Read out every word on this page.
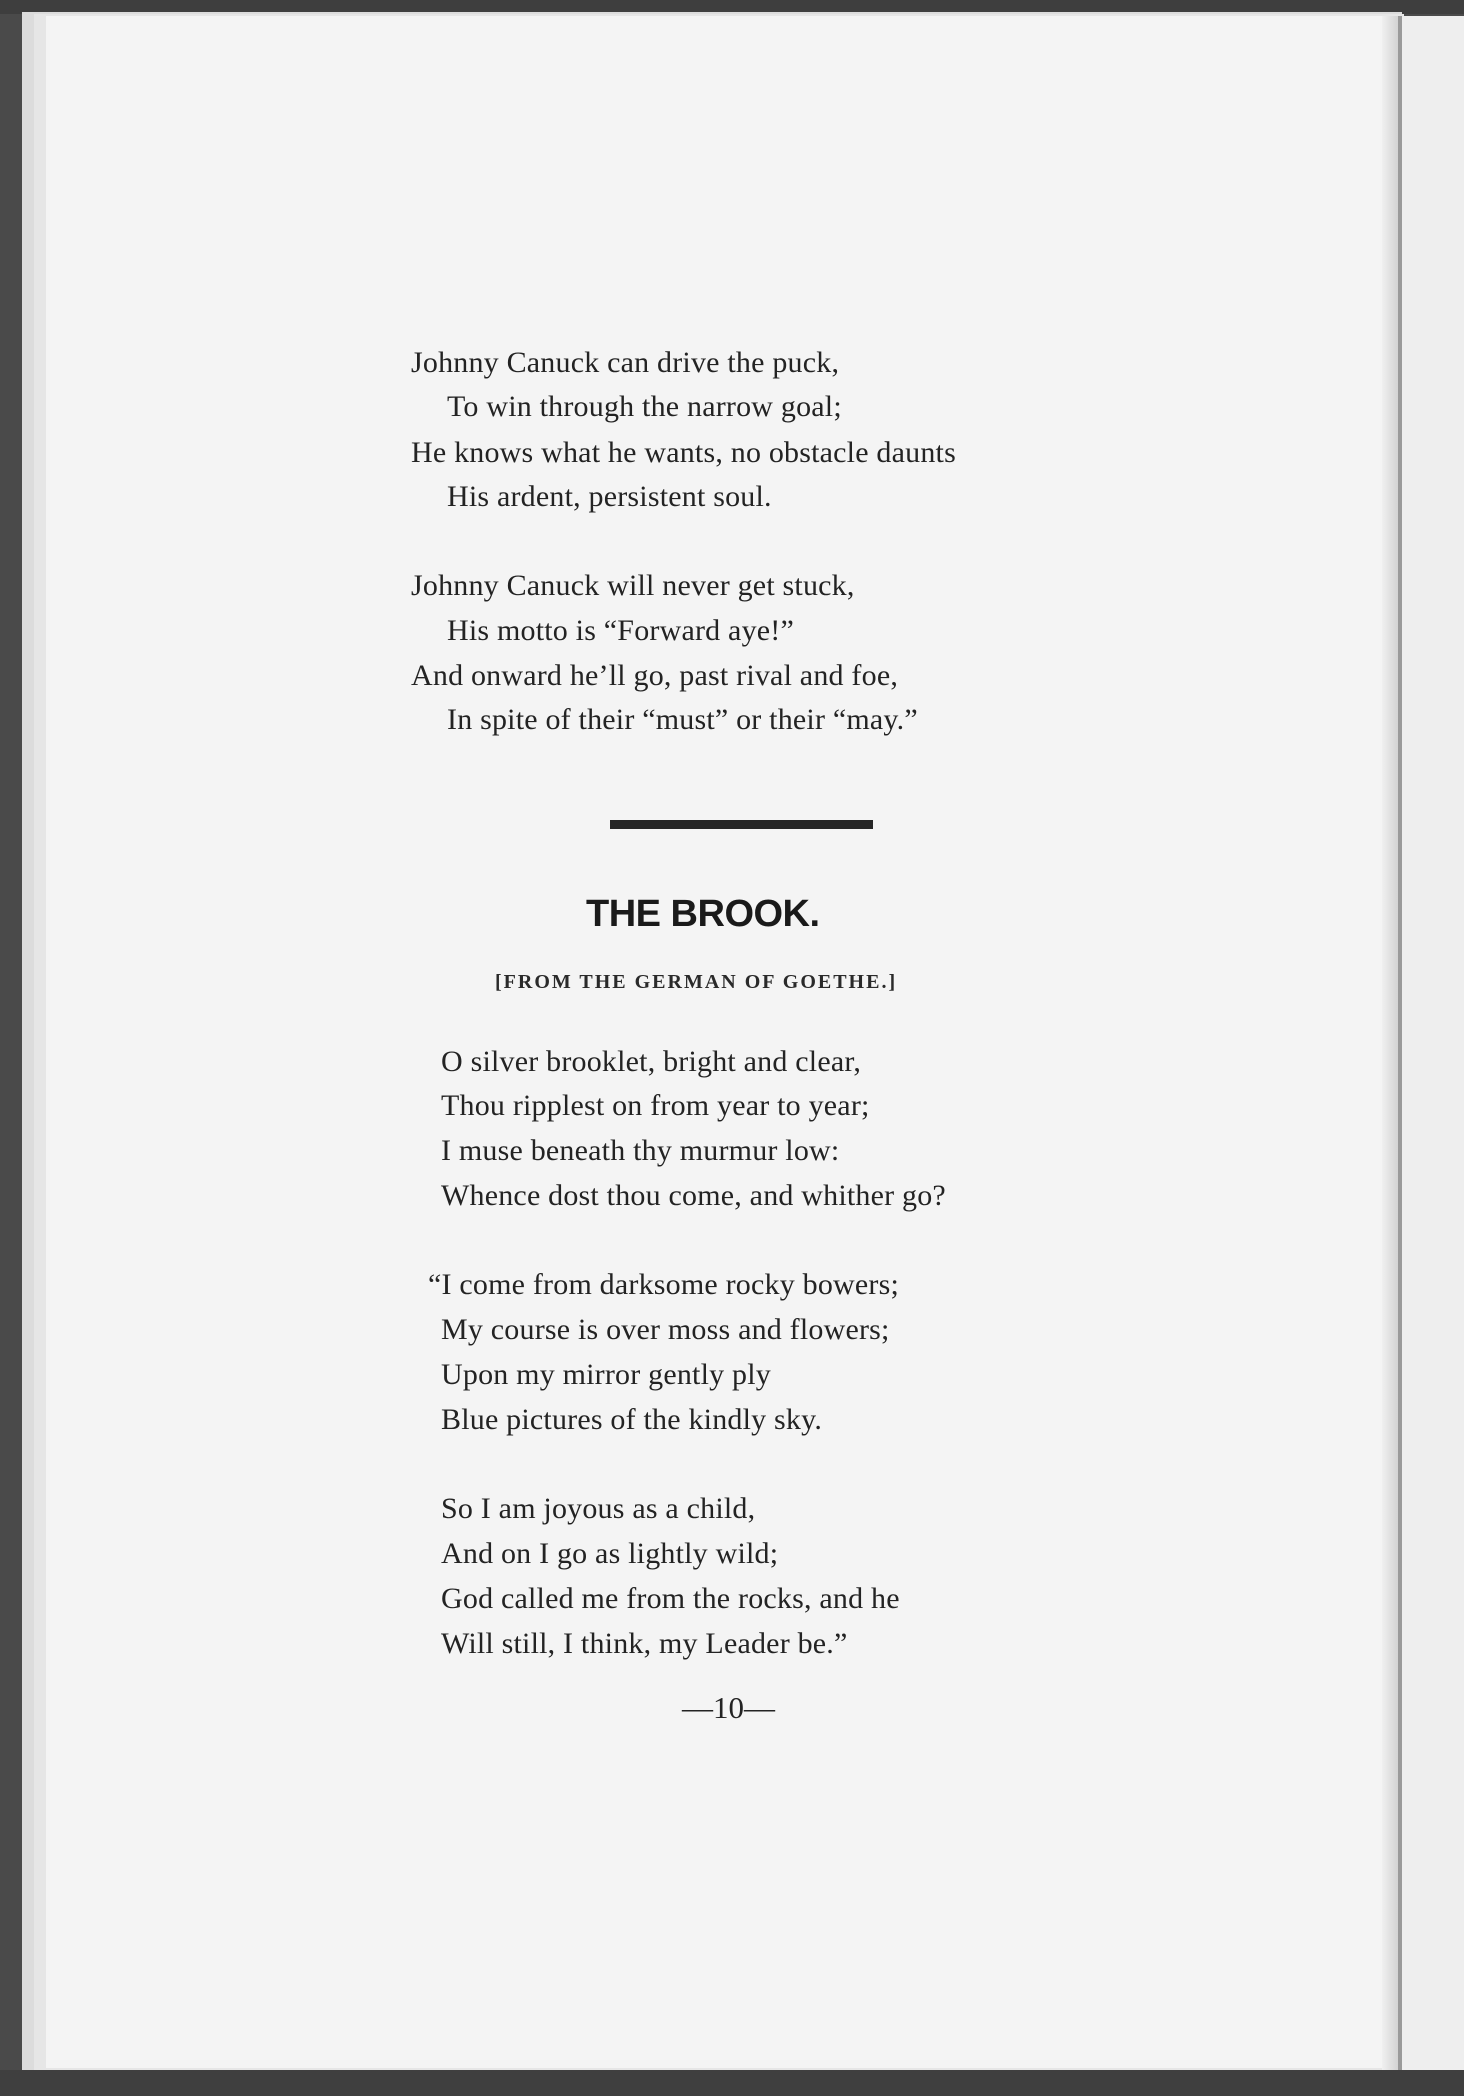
Johnny Canuck can drive the puck,
To win through the narrow goal;
He knows what he wants, no obstacle daunts
His ardent, persistent soul.
Johnny Canuck will never get stuck,
His motto is “Forward aye!”
And onward he’ll go, past rival and foe,
In spite of their “must” or their “may.”
THE BROOK.
[FROM THE GERMAN OF GOETHE.]
O silver brooklet, bright and clear,
Thou ripplest on from year to year;
I muse beneath thy murmur low:
Whence dost thou come, and whither go?
“I come from darksome rocky bowers;
My course is over moss and flowers;
Upon my mirror gently ply
Blue pictures of the kindly sky.
So I am joyous as a child,
And on I go as lightly wild;
God called me from the rocks, and he
Will still, I think, my Leader be.”
—10—
